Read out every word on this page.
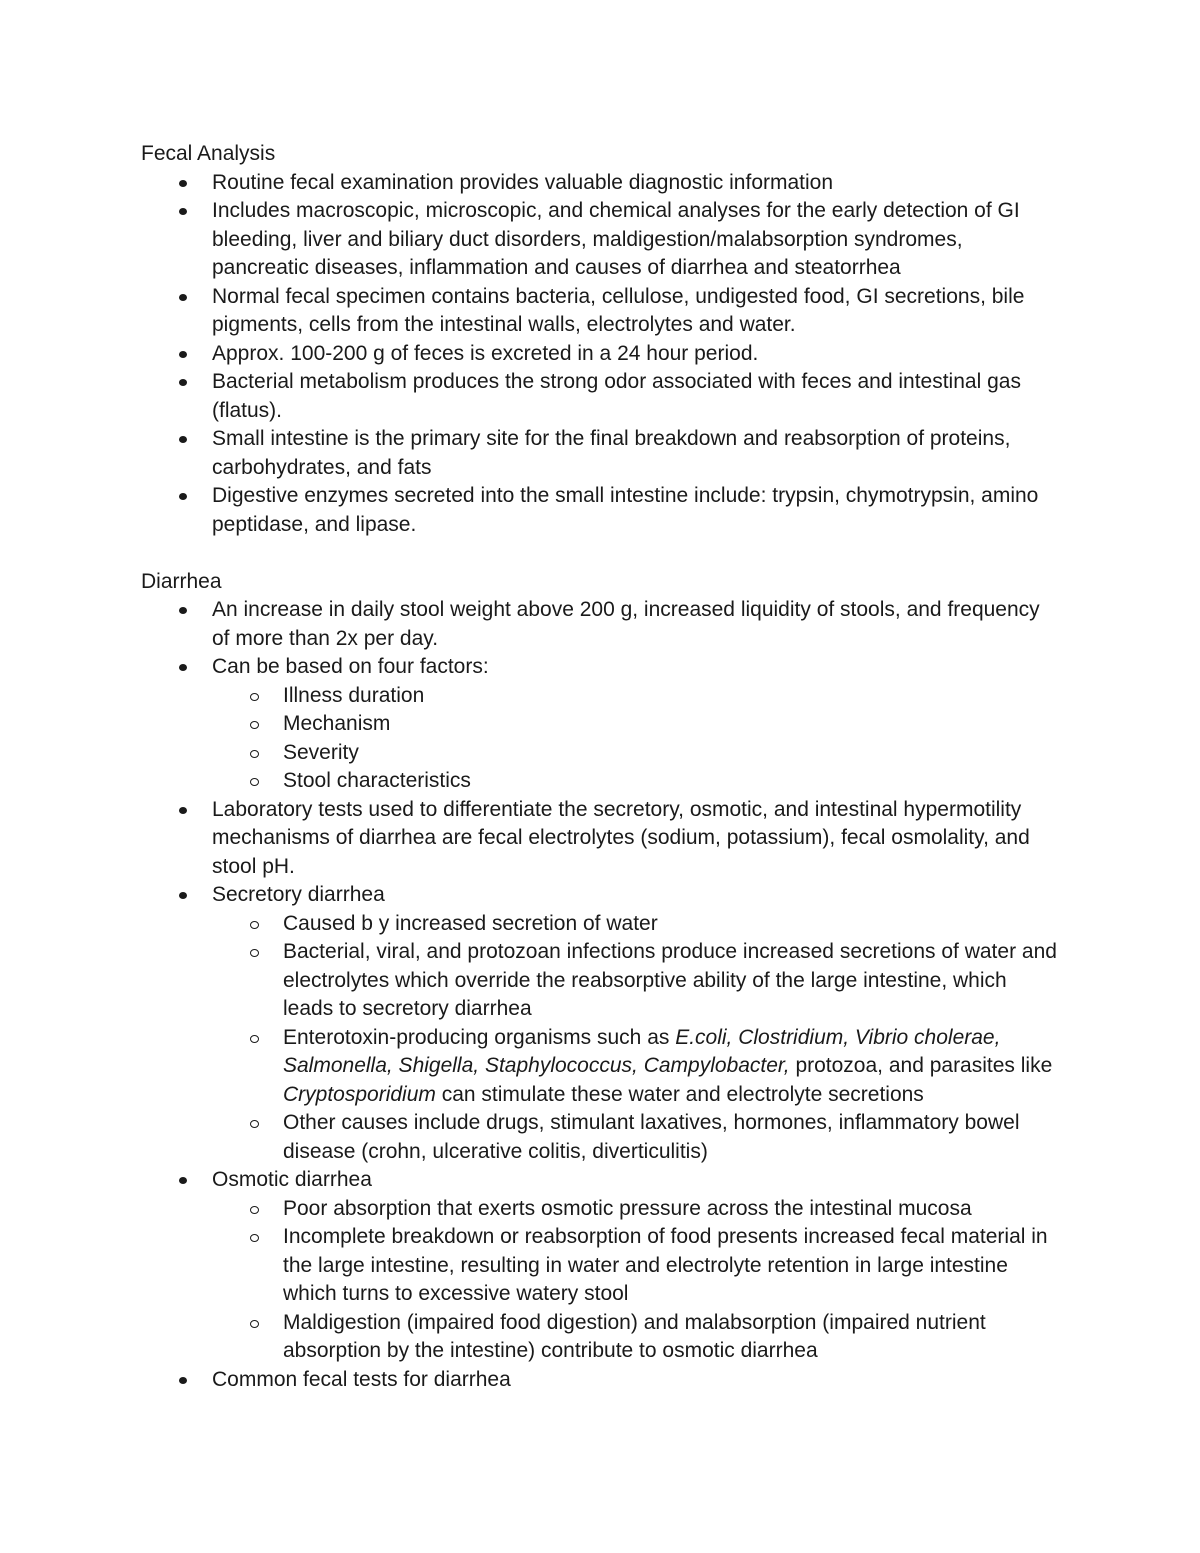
Fecal Analysis
Routine fecal examination provides valuable diagnostic information
Includes macroscopic, microscopic, and chemical analyses for the early detection of GI bleeding, liver and biliary duct disorders, maldigestion/malabsorption syndromes, pancreatic diseases, inflammation and causes of diarrhea and steatorrhea
Normal fecal specimen contains bacteria, cellulose, undigested food, GI secretions, bile pigments, cells from the intestinal walls, electrolytes and water.
Approx. 100-200 g of feces is excreted in a 24 hour period.
Bacterial metabolism produces the strong odor associated with feces and intestinal gas (flatus).
Small intestine is the primary site for the final breakdown and reabsorption of proteins, carbohydrates, and fats
Digestive enzymes secreted into the small intestine include: trypsin, chymotrypsin, amino peptidase, and lipase.
Diarrhea
An increase in daily stool weight above 200 g, increased liquidity of stools, and frequency of more than 2x per day.
Can be based on four factors:
Illness duration
Mechanism
Severity
Stool characteristics
Laboratory tests used to differentiate the secretory, osmotic, and intestinal hypermotility mechanisms of diarrhea are fecal electrolytes (sodium, potassium), fecal osmolality, and stool pH.
Secretory diarrhea
Caused b y increased secretion of water
Bacterial, viral, and protozoan infections produce increased secretions of water and electrolytes which override the reabsorptive ability of the large intestine, which leads to secretory diarrhea
Enterotoxin-producing organisms such as E.coli, Clostridium, Vibrio cholerae, Salmonella, Shigella, Staphylococcus, Campylobacter, protozoa, and parasites like Cryptosporidium can stimulate these water and electrolyte secretions
Other causes include drugs, stimulant laxatives, hormones, inflammatory bowel disease (crohn, ulcerative colitis, diverticulitis)
Osmotic diarrhea
Poor absorption that exerts osmotic pressure across the intestinal mucosa
Incomplete breakdown or reabsorption of food presents increased fecal material in the large intestine, resulting in water and electrolyte retention in large intestine which turns to excessive watery stool
Maldigestion (impaired food digestion) and malabsorption (impaired nutrient absorption by the intestine) contribute to osmotic diarrhea
Common fecal tests for diarrhea
